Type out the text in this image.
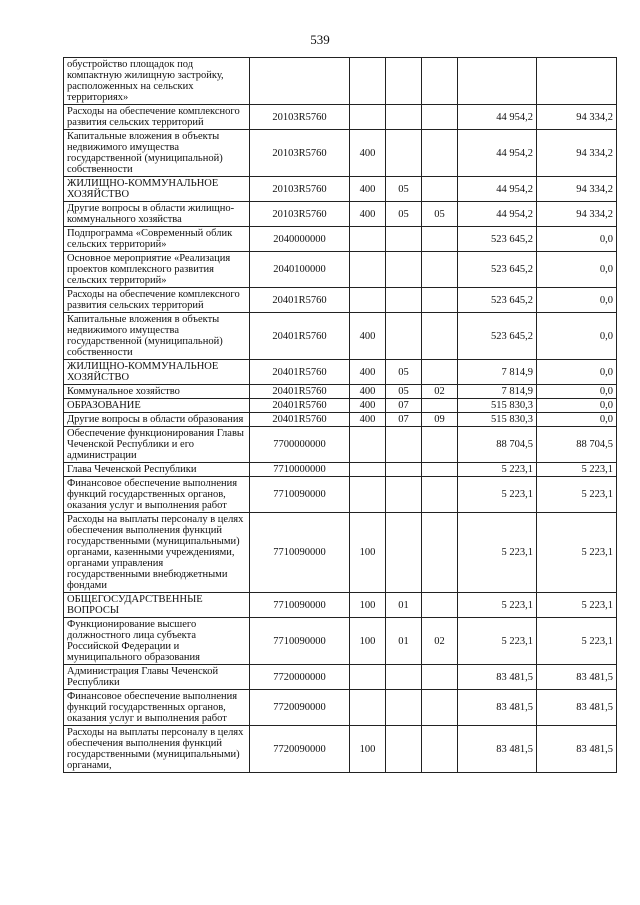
539
обустройство площадок под компактную жилищную застройку, расположенных на сельских территориях»						
Расходы на обеспечение комплексного развития сельских территорий	20103R5760				44 954,2	94 334,2
Капитальные вложения в объекты недвижимого имущества государственной (муниципальной) собственности	20103R5760	400			44 954,2	94 334,2
ЖИЛИЩНО-КОММУНАЛЬНОЕ ХОЗЯЙСТВО	20103R5760	400	05		44 954,2	94 334,2
Другие вопросы в области жилищно-коммунального хозяйства	20103R5760	400	05	05	44 954,2	94 334,2
Подпрограмма «Современный облик сельских территорий»	2040000000				523 645,2	0,0
Основное мероприятие «Реализация проектов комплексного развития сельских территорий»	2040100000				523 645,2	0,0
Расходы на обеспечение комплексного развития сельских территорий	20401R5760				523 645,2	0,0
Капитальные вложения в объекты недвижимого имущества государственной (муниципальной) собственности	20401R5760	400			523 645,2	0,0
ЖИЛИЩНО-КОММУНАЛЬНОЕ ХОЗЯЙСТВО	20401R5760	400	05		7 814,9	0,0
Коммунальное хозяйство	20401R5760	400	05	02	7 814,9	0,0
ОБРАЗОВАНИЕ	20401R5760	400	07		515 830,3	0,0
Другие вопросы в области образования	20401R5760	400	07	09	515 830,3	0,0
Обеспечение функционирования Главы Чеченской Республики и его администрации	7700000000				88 704,5	88 704,5
Глава Чеченской Республики	7710000000				5 223,1	5 223,1
Финансовое обеспечение выполнения функций государственных органов, оказания услуг и выполнения работ	7710090000				5 223,1	5 223,1
Расходы на выплаты персоналу в целях обеспечения выполнения функций государственными (муниципальными) органами, казенными учреждениями, органами управления государственными внебюджетными фондами	7710090000	100			5 223,1	5 223,1
ОБЩЕГОСУДАРСТВЕННЫЕ ВОПРОСЫ	7710090000	100	01		5 223,1	5 223,1
Функционирование высшего должностного лица субъекта Российской Федерации и муниципального образования	7710090000	100	01	02	5 223,1	5 223,1
Администрация Главы Чеченской Республики	7720000000				83 481,5	83 481,5
Финансовое обеспечение выполнения функций государственных органов, оказания услуг и выполнения работ	7720090000				83 481,5	83 481,5
Расходы на выплаты персоналу в целях обеспечения выполнения функций государственными (муниципальными) органами,	7720090000	100			83 481,5	83 481,5
